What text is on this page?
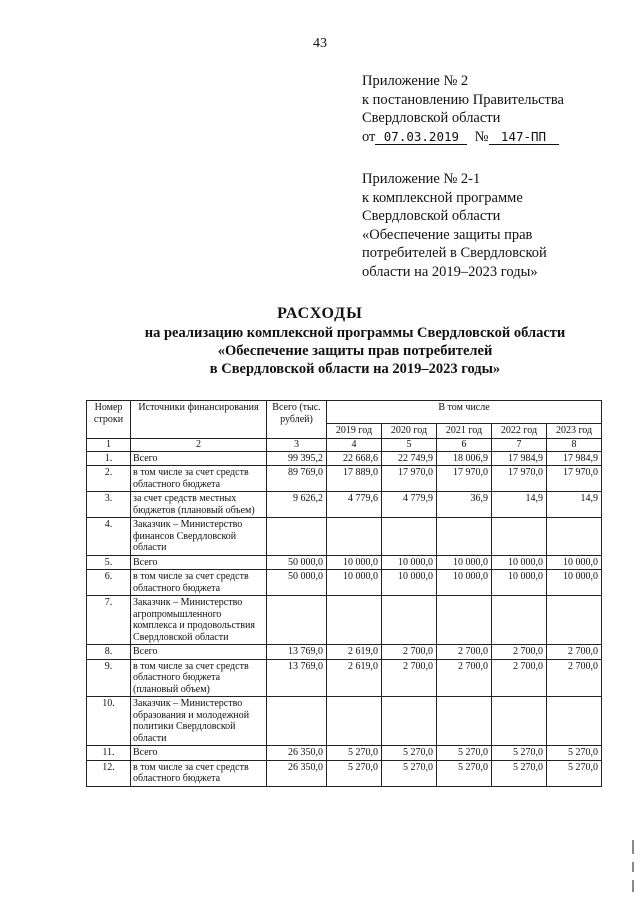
43
Приложение № 2
к постановлению Правительства
Свердловской области
от 07.03.2019 № 147-ПП
Приложение № 2-1
к комплексной программе
Свердловской области
«Обеспечение защиты прав
потребителей в Свердловской
области на 2019–2023 годы»
РАСХОДЫ
на реализацию комплексной программы Свердловской области
«Обеспечение защиты прав потребителей
в Свердловской области на 2019–2023 годы»
Номер строки	Источники финансирования	Всего (тыс. рублей)	В том числе				
			2019 год	2020 год	2021 год	2022 год	2023 год
1	2	3	4	5	6	7	8
1.	Всего	99 395,2	22 668,6	22 749,9	18 006,9	17 984,9	17 984,9
2.	в том числе за счет средств областного бюджета	89 769,0	17 889,0	17 970,0	17 970,0	17 970,0	17 970,0
3.	за счет средств местных бюджетов (плановый объем)	9 626,2	4 779,6	4 779,9	36,9	14,9	14,9
4.	Заказчик – Министерство финансов Свердловской области						
5.	Всего	50 000,0	10 000,0	10 000,0	10 000,0	10 000,0	10 000,0
6.	в том числе за счет средств областного бюджета	50 000,0	10 000,0	10 000,0	10 000,0	10 000,0	10 000,0
7.	Заказчик – Министерство агропромышленного комплекса и продовольствия Свердловской области						
8.	Всего	13 769,0	2 619,0	2 700,0	2 700,0	2 700,0	2 700,0
9.	в том числе за счет средств областного бюджета (плановый объем)	13 769,0	2 619,0	2 700,0	2 700,0	2 700,0	2 700,0
10.	Заказчик – Министерство образования и молодежной политики Свердловской области						
11.	Всего	26 350,0	5 270,0	5 270,0	5 270,0	5 270,0	5 270,0
12.	в том числе за счет средств областного бюджета	26 350,0	5 270,0	5 270,0	5 270,0	5 270,0	5 270,0
